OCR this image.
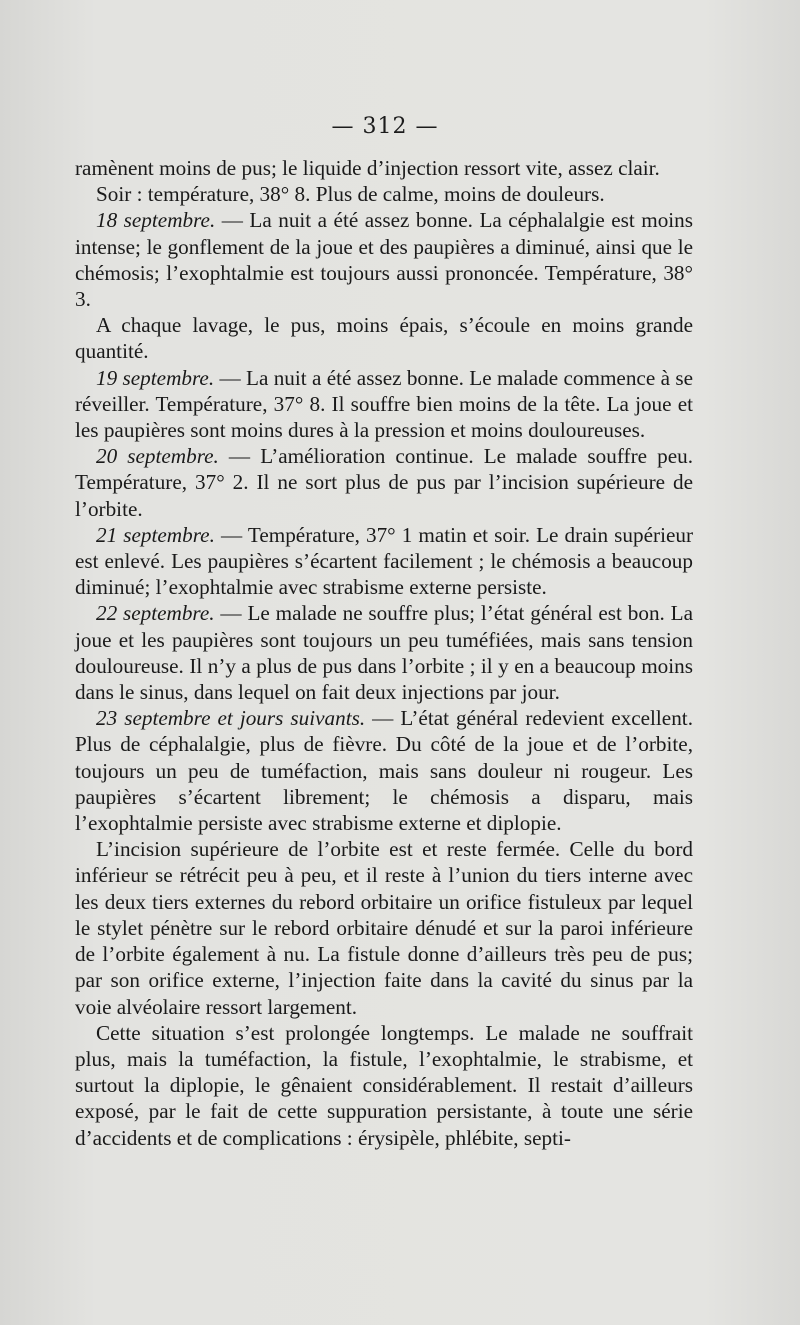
— 312 —

ramènent moins de pus; le liquide d’injection ressort vite, assez clair.

Soir : température, 38° 8. Plus de calme, moins de douleurs.

18 septembre. — La nuit a été assez bonne. La céphalalgie est moins intense; le gonflement de la joue et des paupières a diminué, ainsi que le chémosis; l’exophtalmie est toujours aussi prononcée. Température, 38° 3.

A chaque lavage, le pus, moins épais, s’écoule en moins grande quantité.

19 septembre. — La nuit a été assez bonne. Le malade commence à se réveiller. Température, 37° 8. Il souffre bien moins de la tête. La joue et les paupières sont moins dures à la pression et moins douloureuses.

20 septembre. — L’amélioration continue. Le malade souffre peu. Température, 37° 2. Il ne sort plus de pus par l’incision supérieure de l’orbite.

21 septembre. — Température, 37° 1 matin et soir. Le drain supérieur est enlevé. Les paupières s’écartent facilement ; le chémosis a beaucoup diminué; l’exophtalmie avec strabisme externe persiste.

22 septembre. — Le malade ne souffre plus; l’état général est bon. La joue et les paupières sont toujours un peu tuméfiées, mais sans tension douloureuse. Il n’y a plus de pus dans l’orbite ; il y en a beaucoup moins dans le sinus, dans lequel on fait deux injections par jour.

23 septembre et jours suivants. — L’état général redevient excellent. Plus de céphalalgie, plus de fièvre. Du côté de la joue et de l’orbite, toujours un peu de tuméfaction, mais sans douleur ni rougeur. Les paupières s’écartent librement; le chémosis a disparu, mais l’exophtalmie persiste avec strabisme externe et diplopie.

L’incision supérieure de l’orbite est et reste fermée. Celle du bord inférieur se rétrécit peu à peu, et il reste à l’union du tiers interne avec les deux tiers externes du rebord orbitaire un orifice fistuleux par lequel le stylet pénètre sur le rebord orbitaire dénudé et sur la paroi inférieure de l’orbite également à nu. La fistule donne d’ailleurs très peu de pus; par son orifice externe, l’injection faite dans la cavité du sinus par la voie alvéolaire ressort largement.

Cette situation s’est prolongée longtemps. Le malade ne souffrait plus, mais la tuméfaction, la fistule, l’exophtalmie, le strabisme, et surtout la diplopie, le gênaient considérablement. Il restait d’ailleurs exposé, par le fait de cette suppuration persistante, à toute une série d’accidents et de complications : érysipèle, phlébite, septi-
